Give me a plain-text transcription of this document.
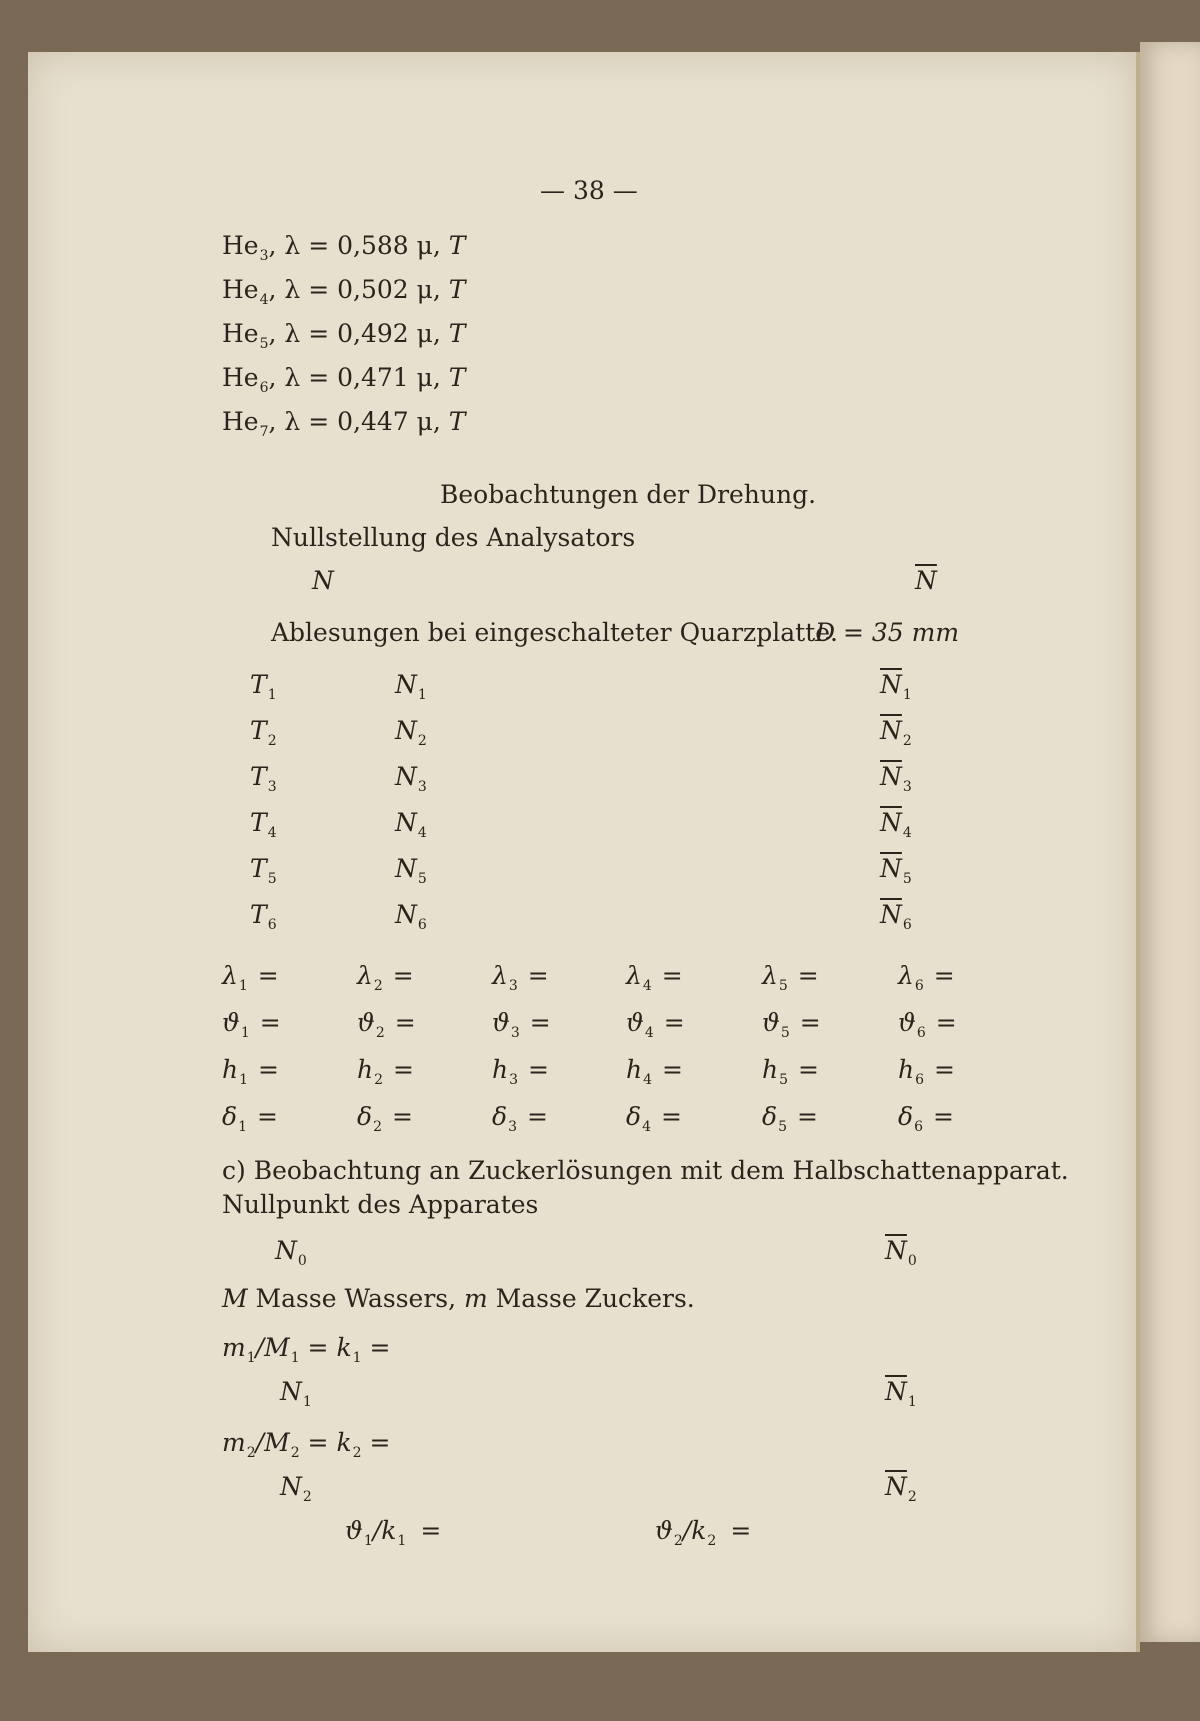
— 38 —
$He_3$, λ = 0,588 μ, T
$He_4$, λ = 0,502 μ, T
$He_5$, λ = 0,492 μ, T
$He_6$, λ = 0,471 μ, T
$He_7$, λ = 0,447 μ, T
Beobachtungen der Drehung.
Nullstellung des Analysators
N	$\overline{N}$
Ablesungen bei eingeschalteter Quarzplatte.
D = 35 mm
$T_1$	$N_1$	$\overline{N}_1$
$T_2$	$N_2$	$\overline{N}_2$
$T_3$	$N_3$	$\overline{N}_3$
$T_4$	$N_4$	$\overline{N}_4$
$T_5$	$N_5$	$\overline{N}_5$
$T_6$	$N_6$	$\overline{N}_6$
$\lambda_1$ =	$\lambda_2$ =	$\lambda_3$ =	$\lambda_4$ =	$\lambda_5$ =	$\lambda_6$ =
$ϑ_1$ =	$ϑ_2$ =	$ϑ_3$ =	$ϑ_4$ =	$ϑ_5$ =	$ϑ_6$ =
$h_1$ =	$h_2$ =	$h_3$ =	$h_4$ =	$h_5$ =	$h_6$ =
$\delta_1$ =	$\delta_2$ =	$\delta_3$ =	$\delta_4$ =	$\delta_5$ =	$\delta_6$ =
c) Beobachtung an Zuckerlösungen mit dem Halbschattenapparat.
Nullpunkt des Apparates
$N_0$	$\overline{N}_0$
M Masse Wassers, m Masse Zuckers.
$m_1/M_1 = k_1$ =
$N_1$	$\overline{N}_1$
$m_2/M_2 = k_2$ =
$N_2$	$\overline{N}_2$
$ϑ_1/k_1$ =	$ϑ_2/k_2$ =
